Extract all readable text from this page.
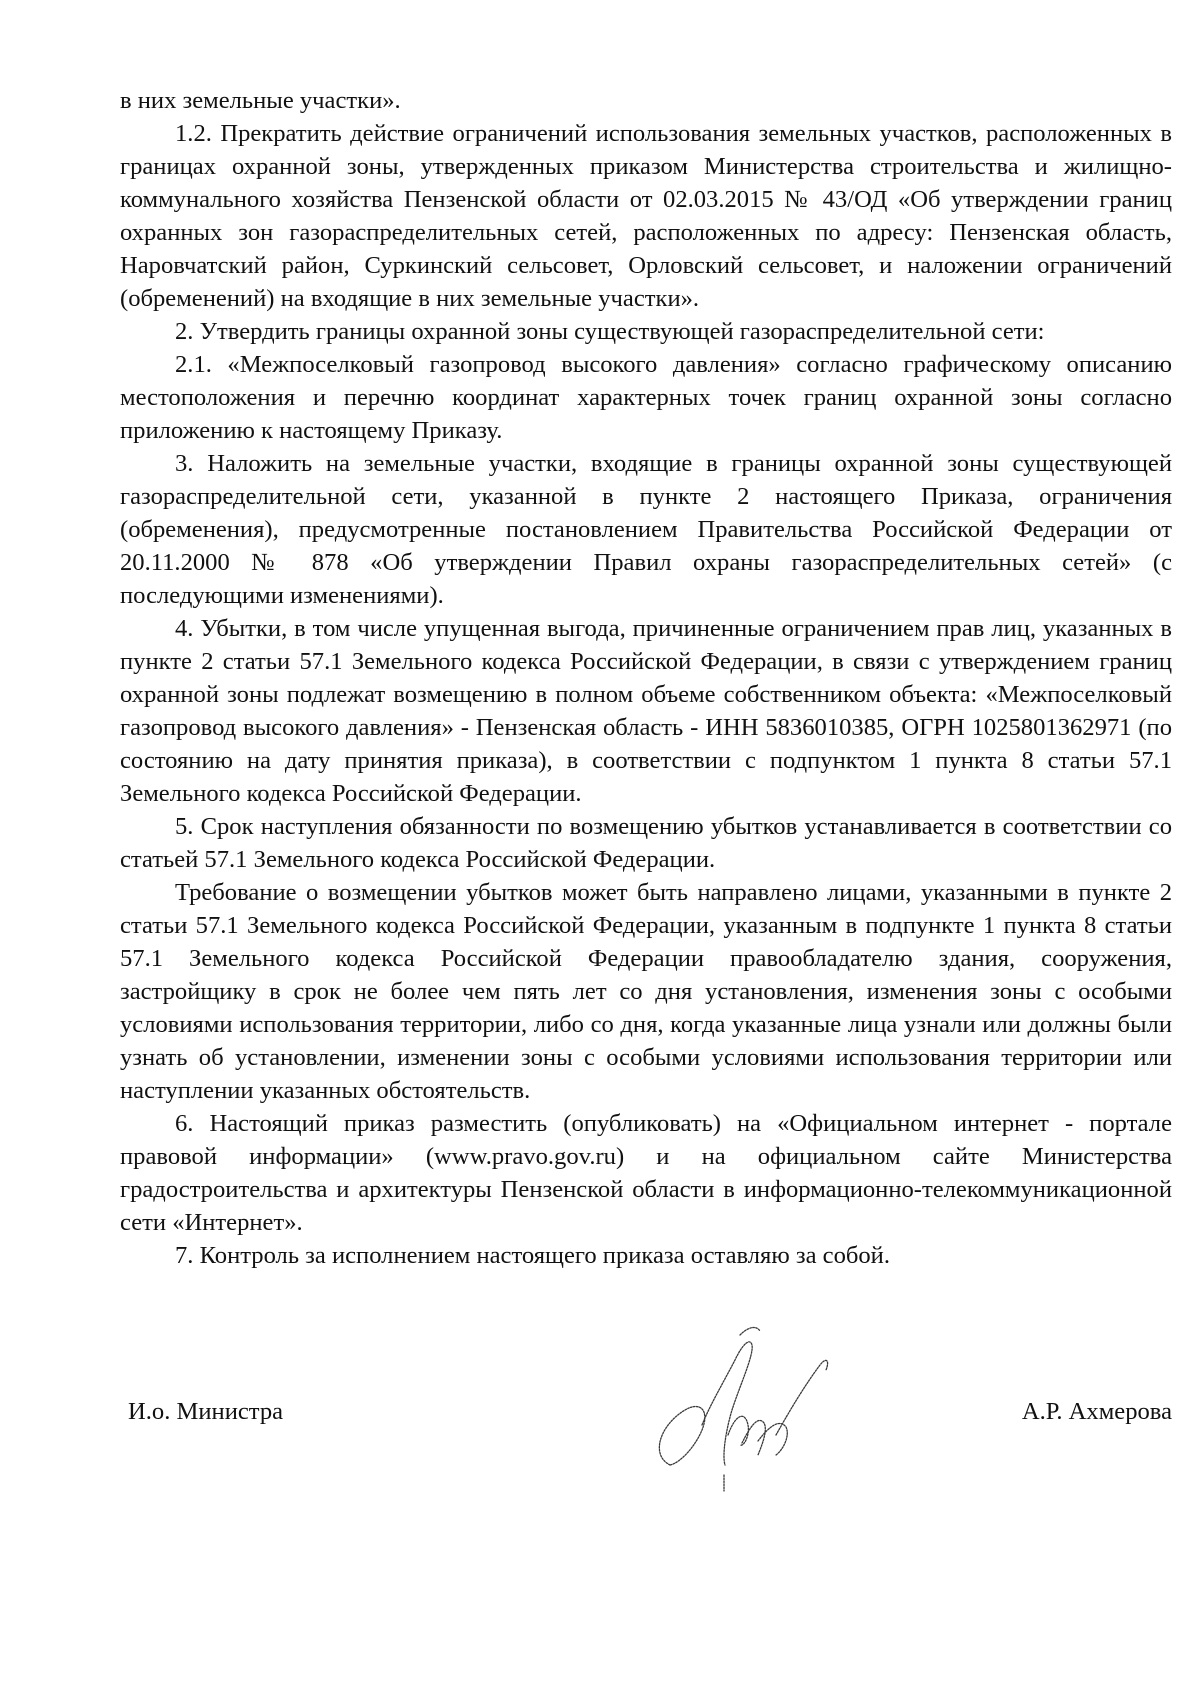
в них земельные участки».

1.2. Прекратить действие ограничений использования земельных участков, расположенных в границах охранной зоны, утвержденных приказом Министерства строительства и жилищно-коммунального хозяйства Пензенской области от 02.03.2015 № 43/ОД «Об утверждении границ охранных зон газораспределительных сетей, расположенных по адресу: Пензенская область, Наровчатский район, Суркинский сельсовет, Орловский сельсовет, и наложении ограничений (обременений) на входящие в них земельные участки».

2. Утвердить границы охранной зоны существующей газораспределительной сети:

2.1. «Межпоселковый газопровод высокого давления» согласно графическому описанию местоположения и перечню координат характерных точек границ охранной зоны согласно приложению к настоящему Приказу.

3. Наложить на земельные участки, входящие в границы охранной зоны существующей газораспределительной сети, указанной в пункте 2 настоящего Приказа, ограничения (обременения), предусмотренные постановлением Правительства Российской Федерации от 20.11.2000 № 878 «Об утверждении Правил охраны газораспределительных сетей» (с последующими изменениями).

4. Убытки, в том числе упущенная выгода, причиненные ограничением прав лиц, указанных в пункте 2 статьи 57.1 Земельного кодекса Российской Федерации, в связи с утверждением границ охранной зоны подлежат возмещению в полном объеме собственником объекта: «Межпоселковый газопровод высокого давления» - Пензенская область - ИНН 5836010385, ОГРН 1025801362971 (по состоянию на дату принятия приказа), в соответствии с подпунктом 1 пункта 8 статьи 57.1 Земельного кодекса Российской Федерации.

5. Срок наступления обязанности по возмещению убытков устанавливается в соответствии со статьей 57.1 Земельного кодекса Российской Федерации.

Требование о возмещении убытков может быть направлено лицами, указанными в пункте 2 статьи 57.1 Земельного кодекса Российской Федерации, указанным в подпункте 1 пункта 8 статьи 57.1 Земельного кодекса Российской Федерации правообладателю здания, сооружения, застройщику в срок не более чем пять лет со дня установления, изменения зоны с особыми условиями использования территории, либо со дня, когда указанные лица узнали или должны были узнать об установлении, изменении зоны с особыми условиями использования территории или наступлении указанных обстоятельств.

6. Настоящий приказ разместить (опубликовать) на «Официальном интернет - портале правовой информации» (www.pravo.gov.ru) и на официальном сайте Министерства градостроительства и архитектуры Пензенской области в информационно-телекоммуникационной сети «Интернет».

7. Контроль за исполнением настоящего приказа оставляю за собой.

И.о. Министра	А.Р. Ахмерова
